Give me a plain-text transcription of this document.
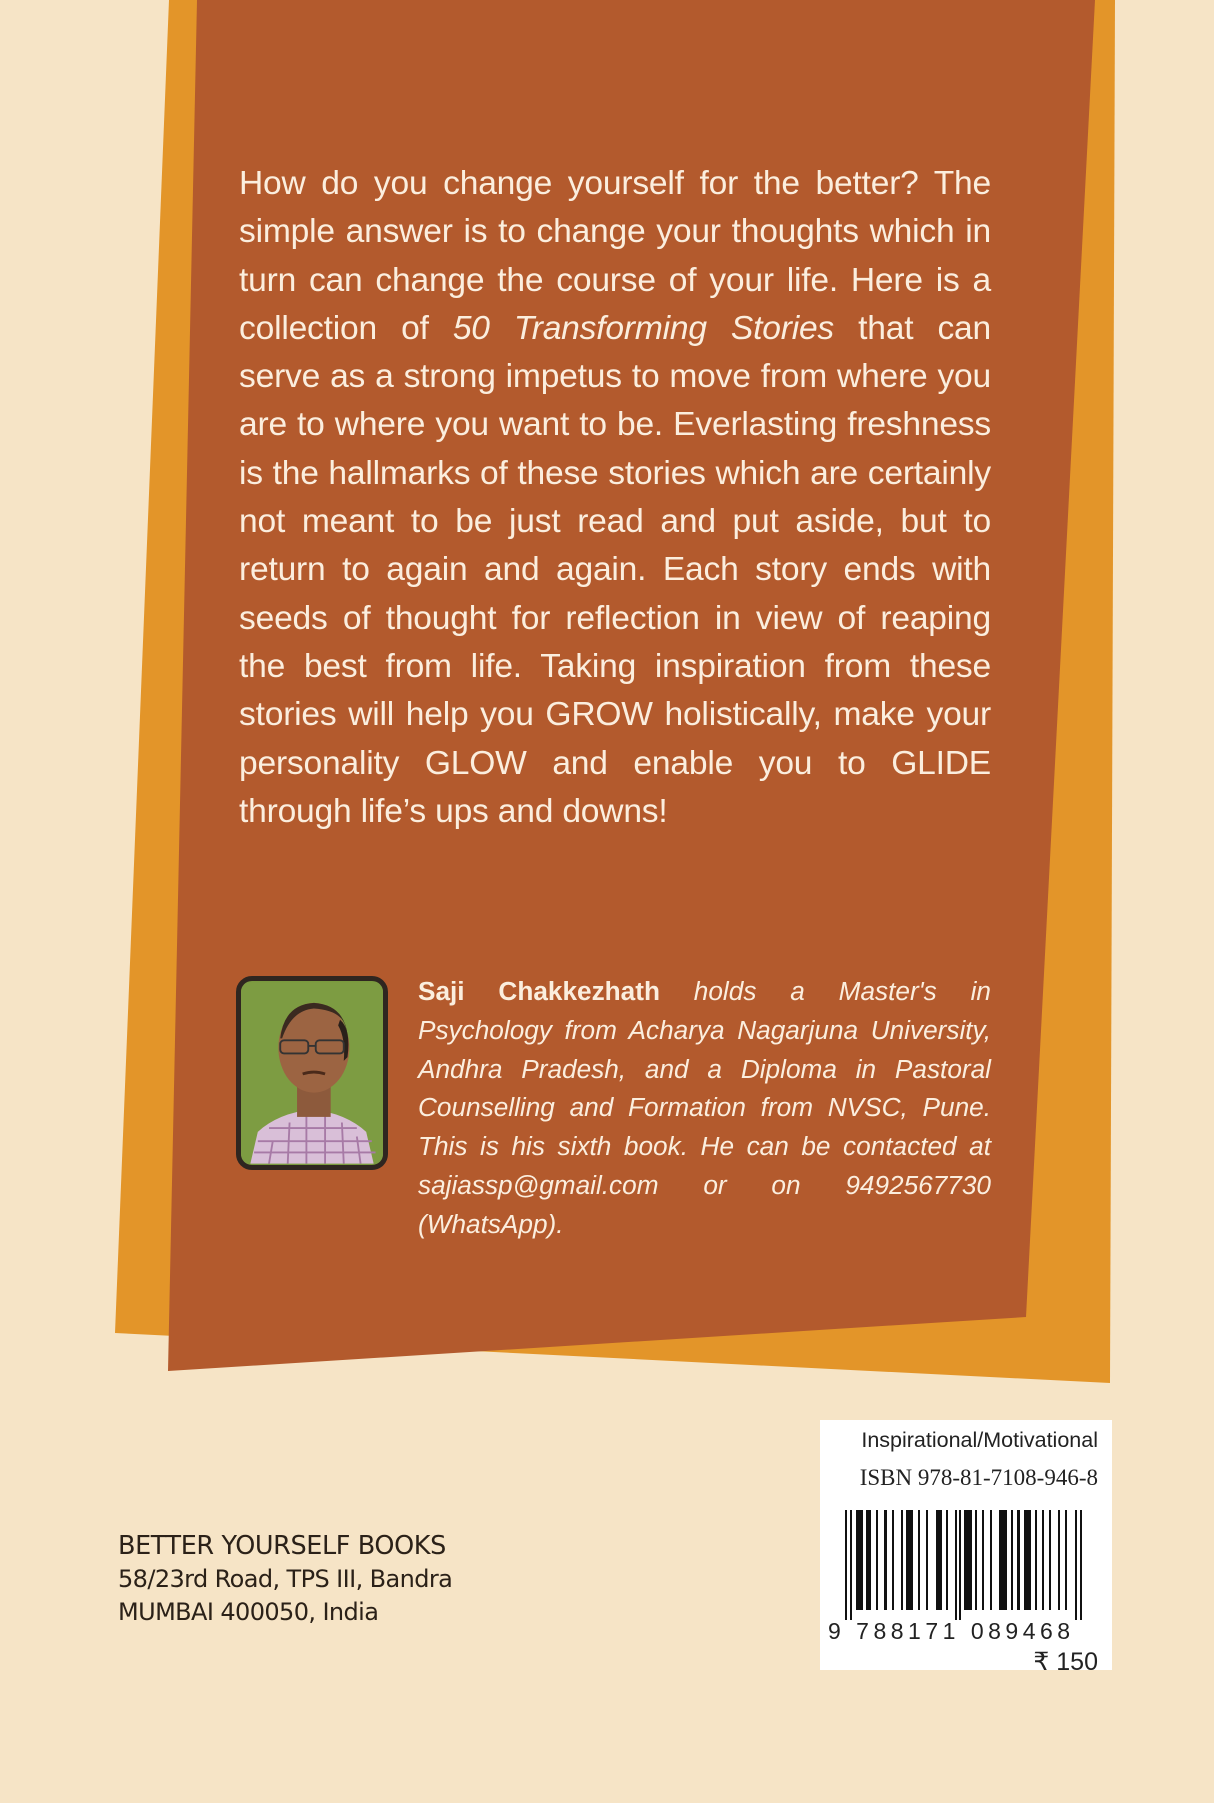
How do you change yourself for the better? The simple answer is to change your thoughts which in turn can change the course of your life. Here is a collection of 50 Transforming Stories that can serve as a strong impetus to move from where you are to where you want to be. Everlasting freshness is the hallmarks of these stories which are certainly not meant to be just read and put aside, but to return to again and again. Each story ends with seeds of thought for reflection in view of reaping the best from life. Taking inspiration from these stories will help you GROW holistically, make your personality GLOW and enable you to GLIDE through life’s ups and downs!
Saji Chakkezhath holds a Master's in Psychology from Acharya Nagarjuna University, Andhra Pradesh, and a Diploma in Pastoral Counselling and Formation from NVSC, Pune. This is his sixth book. He can be contacted at sajiassp@gmail.com or on 9492567730 (WhatsApp).
Inspirational/Motivational
ISBN 978-81-7108-946-8
9 788171 089468
₹ 150
BETTER YOURSELF BOOKS
58/23rd Road, TPS III, Bandra
MUMBAI 400050, India
